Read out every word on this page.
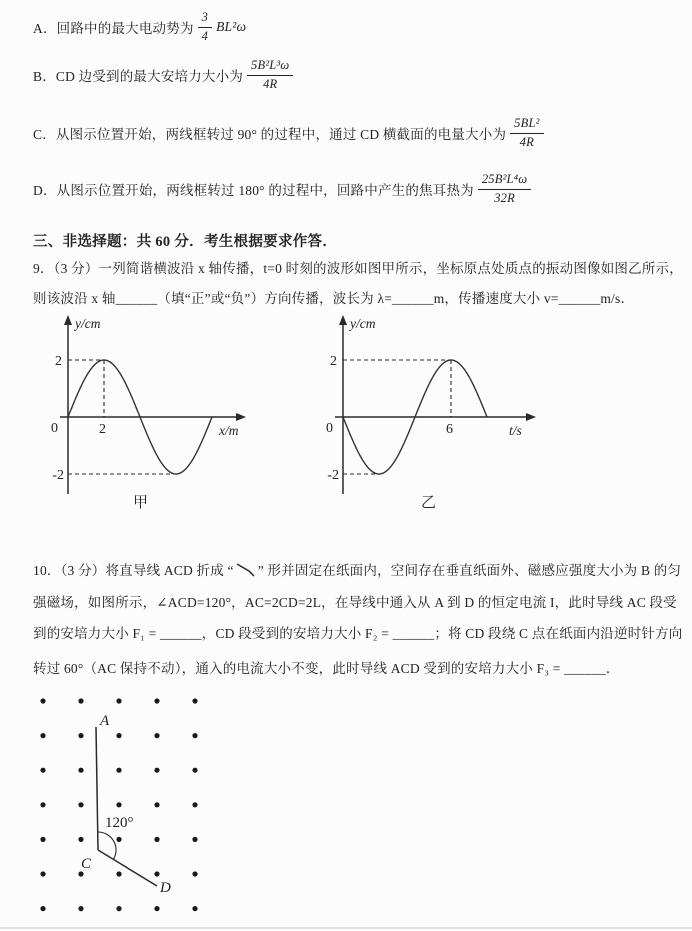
A．回路中的最大电动势为 $\frac{3}{4} BL^2\omega$
B．CD 边受到的最大安培力大小为 $\frac{\text{5B²L³ω}}{4R}$
C．从图示位置开始，两线框转过 90° 的过程中，通过 CD 横截面的电量大小为 $\frac{\text{5BL²}}{4R}$
D．从图示位置开始，两线框转过 180° 的过程中，回路中产生的焦耳热为 $\frac{\text{25B²L⁴ω}}{32R}$
三、非选择题：共 60 分．考生根据要求作答．
9．（3 分）一列简谐横波沿 x 轴传播，t=0 时刻的波形如图甲所示，坐标原点处质点的振动图像如图乙所示，
则该波沿 x 轴______（填“正”或“负”）方向传播，波长为 λ=______m，传播速度大小 v=______m/s．
y/cm
x/m
2
-2
0	2
甲
y/cm
t/s
2
-2
0	6
乙
10．（3 分）将直导线 ACD 折成 “ ” 形并固定在纸面内，空间存在垂直纸面外、磁感应强度大小为 B 的匀
强磁场，如图所示，∠ACD=120°，AC=2CD=2L，在导线中通入从 A 到 D 的恒定电流 I，此时导线 AC 段受
到的安培力大小 F₁ = ______，CD 段受到的安培力大小 F₂ = ______；将 CD 段绕 C 点在纸面内沿逆时针方向
转过 60°（AC 保持不动），通入的电流大小不变，此时导线 ACD 受到的安培力大小 F₃ = ______．
A
C
D
120°
